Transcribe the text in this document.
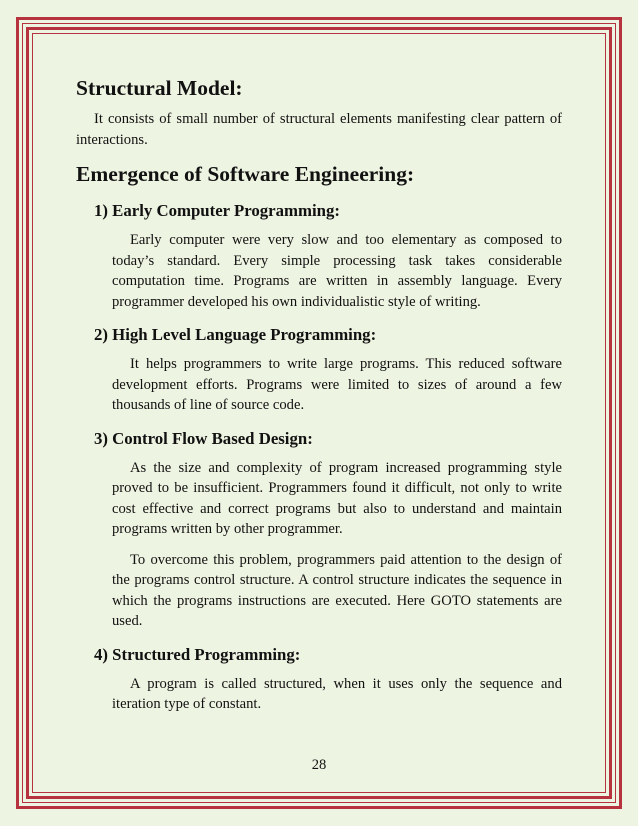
Structural Model:

It consists of small number of structural elements manifesting clear pattern of interactions.

Emergence of Software Engineering:
1) Early Computer Programming:

Early computer were very slow and too elementary as composed to today’s standard. Every simple processing task takes considerable computation time. Programs are written in assembly language. Every programmer developed his own individualistic style of writing.

2) High Level Language Programming:

It helps programmers to write large programs. This reduced software development efforts. Programs were limited to sizes of around a few thousands of line of source code.

3) Control Flow Based Design:

As the size and complexity of program increased programming style proved to be insufficient. Programmers found it difficult, not only to write cost effective and correct programs but also to understand and maintain programs written by other programmer.

To overcome this problem, programmers paid attention to the design of the programs control structure. A control structure indicates the sequence in which the programs instructions are executed. Here GOTO statements are used.

4) Structured Programming:

A program is called structured, when it uses only the sequence and iteration type of constant.

28
